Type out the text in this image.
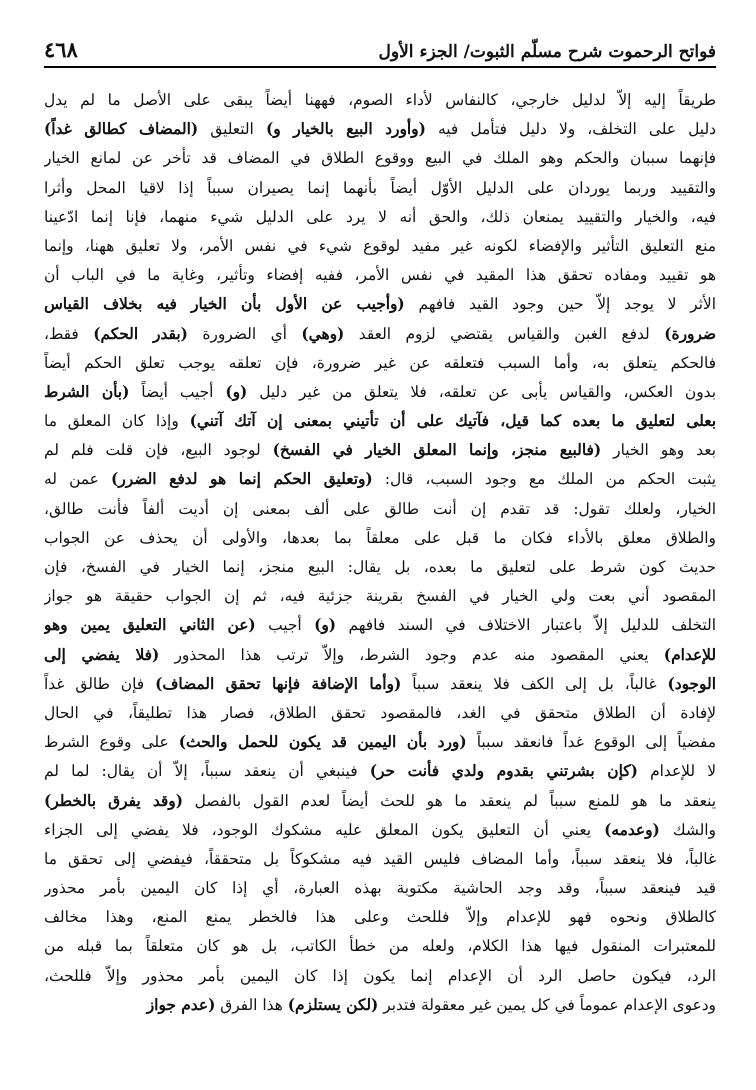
٤٦٨	فواتح الرحموت شرح مسلّم الثبوت/ الجزء الأول
طريقاً إليه إلاّ لدليل خارجي، كالنفاس لأداء الصوم، فههنا أيضاً يبقى على الأصل ما لم يدل
دليل على التخلف، ولا دليل فتأمل فيه (وأورد البيع بالخيار و) التعليق (المضاف كطالق غداً)
فإنهما سببان والحكم وهو الملك في البيع ووقوع الطلاق في المضاف قد تأخر عن لمانع الخيار
والتقييد وربما يوردان على الدليل الأوّل أيضاً بأنهما إنما يصيران سبباً إذا لاقيا المحل وأثرا
فيه، والخيار والتقييد يمنعان ذلك، والحق أنه لا يرد على الدليل شيء منهما، فإنا إنما ادّعينا
منع التعليق التأثير والإفضاء لكونه غير مفيد لوقوع شيء في نفس الأمر، ولا تعليق ههنا، وإنما
هو تقييد ومفاده تحقق هذا المقيد في نفس الأمر، ففيه إفضاء وتأثير، وغاية ما في الباب أن
الأثر لا يوجد إلاّ حين وجود القيد فافهم (وأجيب عن الأول بأن الخيار فيه بخلاف القياس
ضرورة) لدفع الغبن والقياس يقتضي لزوم العقد (وهي) أي الضرورة (بقدر الحكم) فقط،
فالحكم يتعلق به، وأما السبب فتعلقه عن غير ضرورة، فإن تعلقه يوجب تعلق الحكم أيضاً
بدون العكس، والقياس يأبى عن تعلقه، فلا يتعلق من غير دليل (و) أجيب أيضاً (بأن الشرط
بعلى لتعليق ما بعده كما قيل، فآتيك على أن تأتيني بمعنى إن آتك آتني) وإذا كان المعلق ما
بعد وهو الخيار (فالبيع منجز، وإنما المعلق الخيار في الفسخ) لوجود البيع، فإن قلت فلم لم
يثبت الحكم من الملك مع وجود السبب، قال: (وتعليق الحكم إنما هو لدفع الضرر) عمن له
الخيار، ولعلك تقول: قد تقدم إن أنت طالق على ألف بمعنى إن أديت ألفاً فأنت طالق،
والطلاق معلق بالأداء فكان ما قبل على معلقاً بما بعدها، والأولى أن يحذف عن الجواب
حديث كون شرط على لتعليق ما بعده، بل يقال: البيع منجز، إنما الخيار في الفسخ، فإن
المقصود أني بعت ولي الخيار في الفسخ بقرينة جزئية فيه، ثم إن الجواب حقيقة هو جواز
التخلف للدليل إلاّ باعتبار الاختلاف في السند فافهم (و) أجيب (عن الثاني التعليق يمين وهو
للإعدام) يعني المقصود منه عدم وجود الشرط، وإلاّ ترتب هذا المحذور (فلا يفضي إلى
الوجود) غالباً، بل إلى الكف فلا ينعقد سبباً (وأما الإضافة فإنها تحقق المضاف) فإن طالق غداً
لإفادة أن الطلاق متحقق في الغد، فالمقصود تحقق الطلاق، فصار هذا تطليقاً، في الحال
مفضياً إلى الوقوع غداً فانعقد سبباً (ورد بأن اليمين قد يكون للحمل والحث) على وقوع الشرط
لا للإعدام (كإن بشرتني بقدوم ولدي فأنت حر) فينبغي أن ينعقد سبباً، إلاّ أن يقال: لما لم
ينعقد ما هو للمنع سبباً لم ينعقد ما هو للحث أيضاً لعدم القول بالفصل (وقد يفرق بالخطر)
والشك (وعدمه) يعني أن التعليق يكون المعلق عليه مشكوك الوجود، فلا يفضي إلى الجزاء
غالباً، فلا ينعقد سبباً، وأما المضاف فليس القيد فيه مشكوكاً بل متحققاً، فيفضي إلى تحقق ما
قيد فينعقد سبباً، وقد وجد الحاشية مكتوبة بهذه العبارة، أي إذا كان اليمين بأمر محذور
كالطلاق ونحوه فهو للإعدام وإلاّ فللحث وعلى هذا فالخطر يمنع المنع، وهذا مخالف
للمعتبرات المنقول فيها هذا الكلام، ولعله من خطأ الكاتب، بل هو كان متعلقاً بما قبله من
الرد، فيكون حاصل الرد أن الإعدام إنما يكون إذا كان اليمين بأمر محذور وإلاّ فللحث،
ودعوى الإعدام عموماً في كل يمين غير معقولة فتدبر (لكن يستلزم) هذا الفرق (عدم جواز
